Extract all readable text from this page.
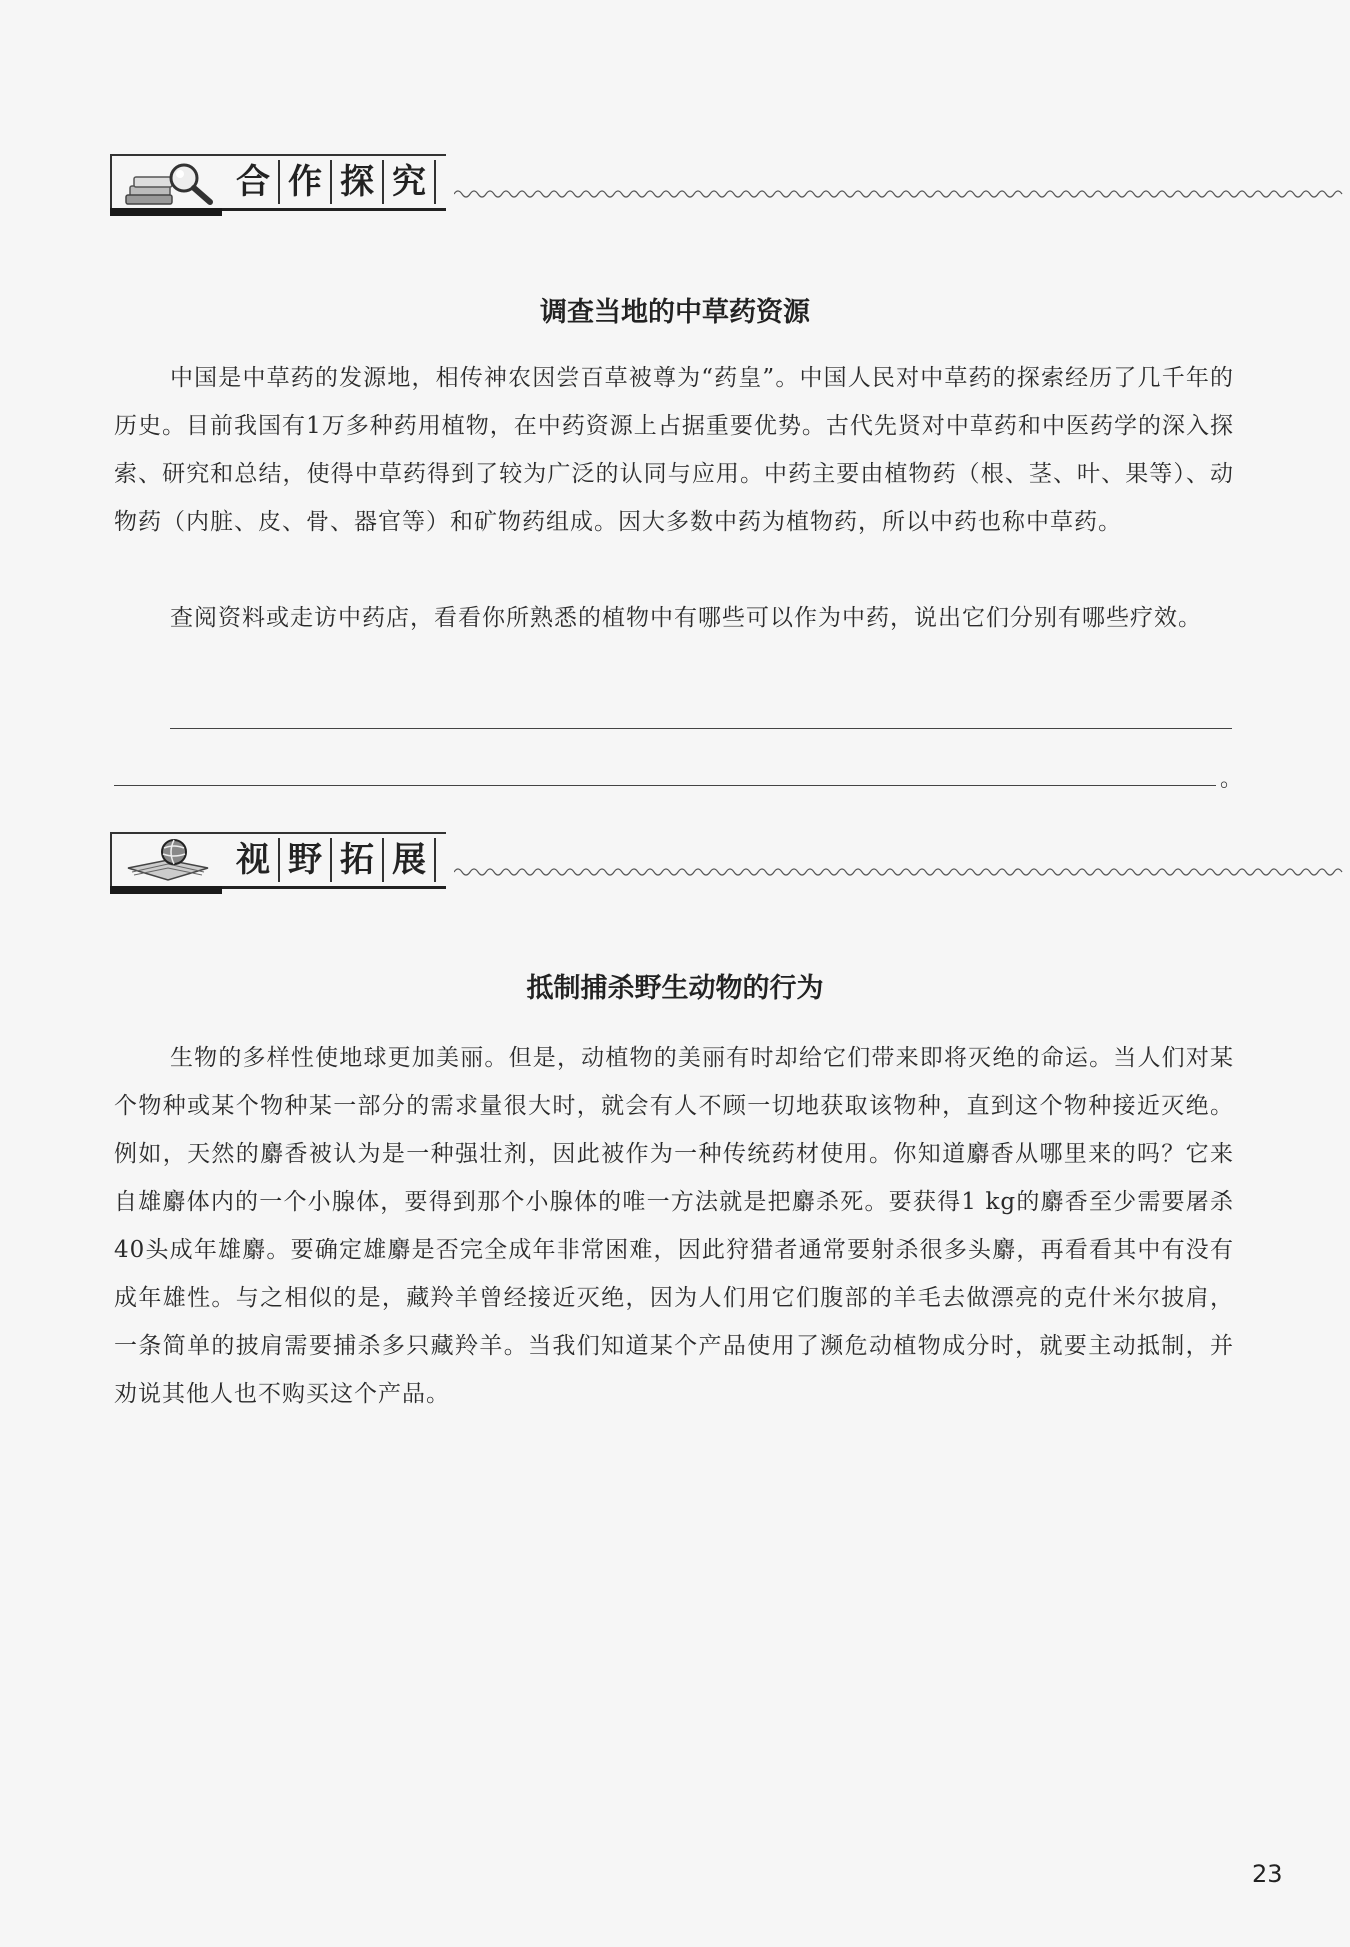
合 作 探 究
调查当地的中草药资源

中国是中草药的发源地，相传神农因尝百草被尊为“药皇”。中国人民对中草药的探索经历了几千年的历史。目前我国有1万多种药用植物，在中药资源上占据重要优势。古代先贤对中草药和中医药学的深入探索、研究和总结，使得中草药得到了较为广泛的认同与应用。中药主要由植物药（根、茎、叶、果等）、动物药（内脏、皮、骨、器官等）和矿物药组成。因大多数中药为植物药，所以中药也称中草药。

查阅资料或走访中药店，看看你所熟悉的植物中有哪些可以作为中药，说出它们分别有哪些疗效。

。
视 野 拓 展
抵制捕杀野生动物的行为

生物的多样性使地球更加美丽。但是，动植物的美丽有时却给它们带来即将灭绝的命运。当人们对某个物种或某个物种某一部分的需求量很大时，就会有人不顾一切地获取该物种，直到这个物种接近灭绝。例如，天然的麝香被认为是一种强壮剂，因此被作为一种传统药材使用。你知道麝香从哪里来的吗？它来自雄麝体内的一个小腺体，要得到那个小腺体的唯一方法就是把麝杀死。要获得1 kg的麝香至少需要屠杀40头成年雄麝。要确定雄麝是否完全成年非常困难，因此狩猎者通常要射杀很多头麝，再看看其中有没有成年雄性。与之相似的是，藏羚羊曾经接近灭绝，因为人们用它们腹部的羊毛去做漂亮的克什米尔披肩，一条简单的披肩需要捕杀多只藏羚羊。当我们知道某个产品使用了濒危动植物成分时，就要主动抵制，并劝说其他人也不购买这个产品。

23
